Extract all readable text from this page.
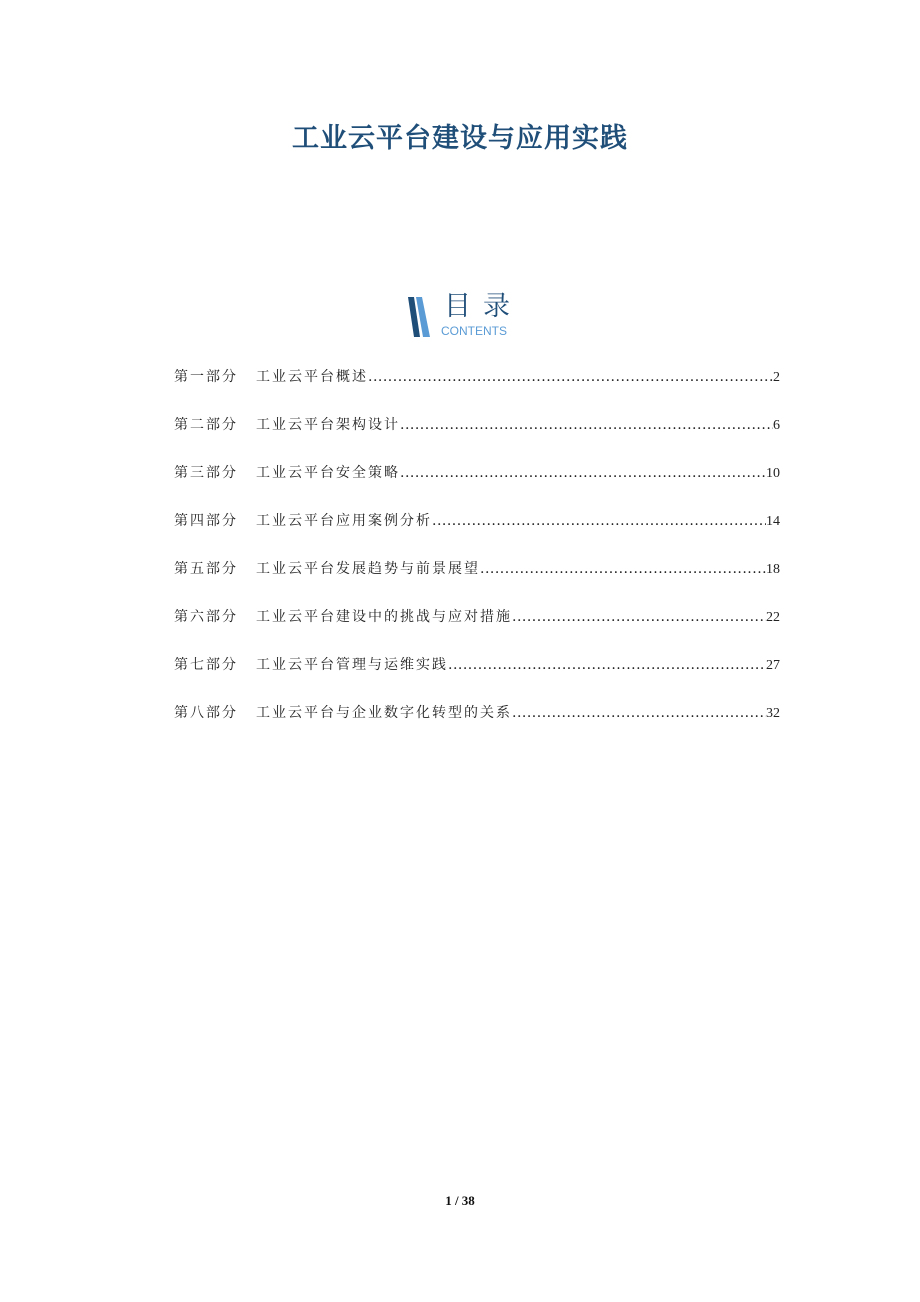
工业云平台建设与应用实践
目录
CONTENTS
第一部分	工业云平台概述 .....	2
第二部分	工业云平台架构设计 .....	6
第三部分	工业云平台安全策略 .....	10
第四部分	工业云平台应用案例分析 .....	14
第五部分	工业云平台发展趋势与前景展望 .....	18
第六部分	工业云平台建设中的挑战与应对措施 .....	22
第七部分	工业云平台管理与运维实践 .....	27
第八部分	工业云平台与企业数字化转型的关系 .....	32
1 / 38
